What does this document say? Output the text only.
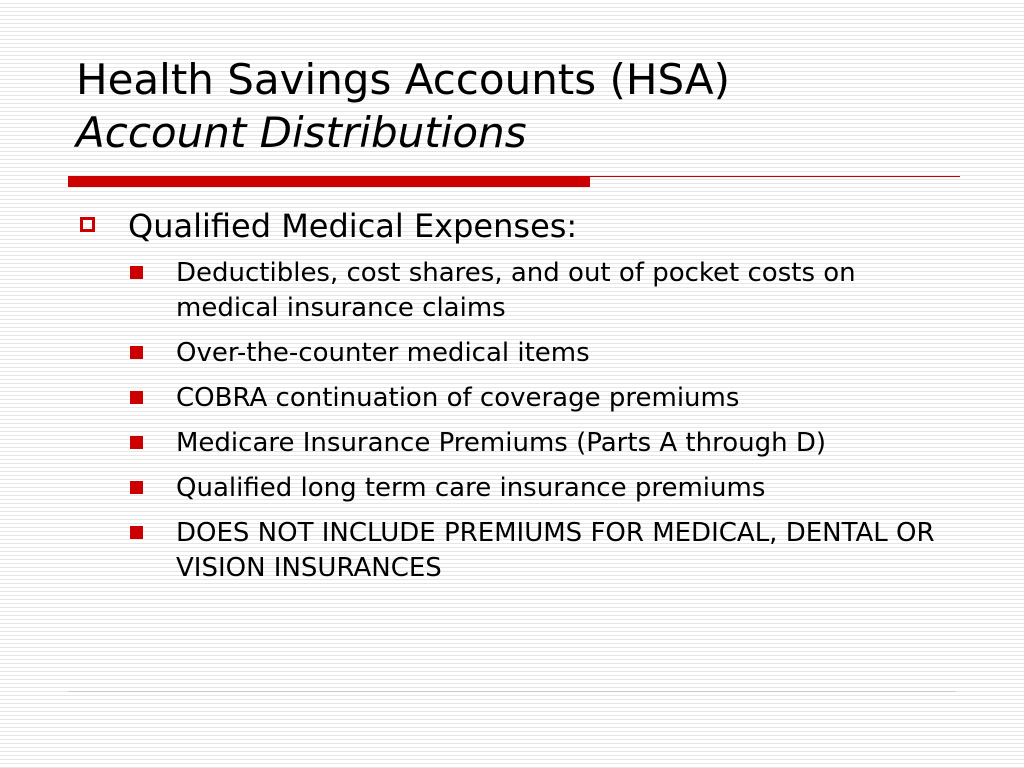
Health Savings Accounts (HSA)
Account Distributions
Qualified Medical Expenses:
Deductibles, cost shares, and out of pocket costs on medical insurance claims
Over-the-counter medical items
COBRA continuation of coverage premiums
Medicare Insurance Premiums (Parts A through D)
Qualified long term care insurance premiums
DOES NOT INCLUDE PREMIUMS FOR MEDICAL, DENTAL OR VISION INSURANCES
